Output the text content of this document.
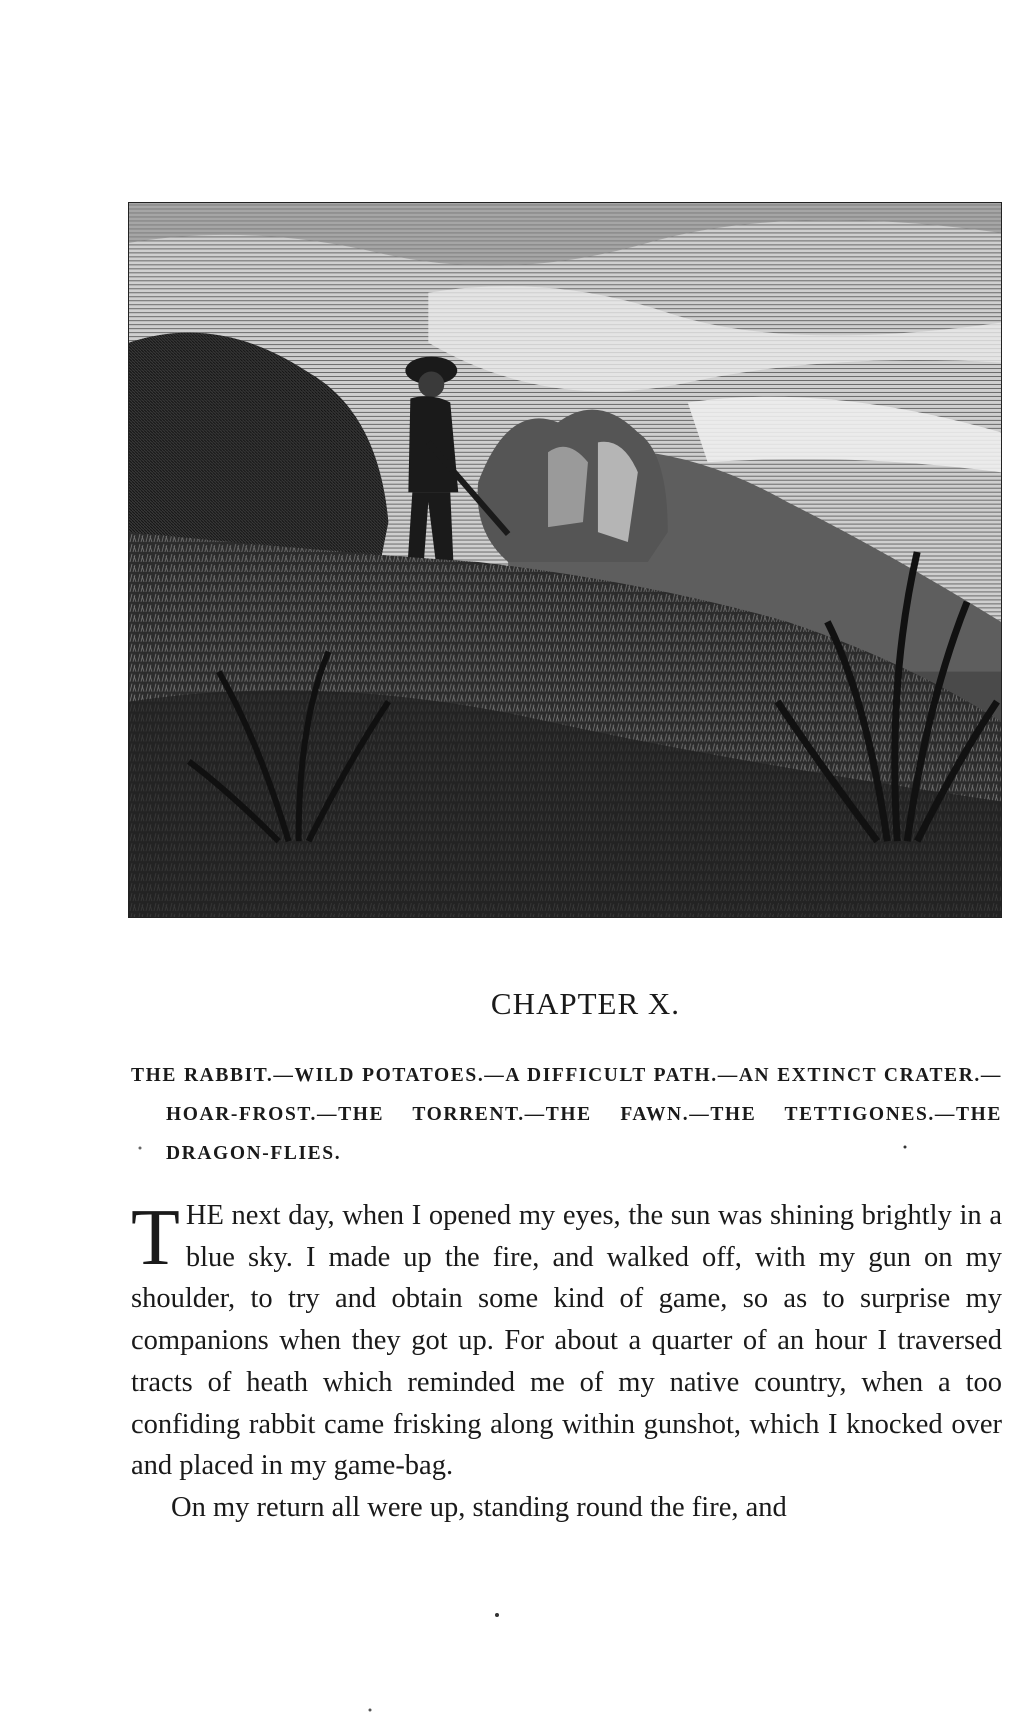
CHAPTER X.

THE RABBIT.—WILD POTATOES.—A DIFFICULT PATH.—AN EXTINCT CRATER.—HOAR-FROST.—THE TORRENT.—THE FAWN.—THE TETTIGONES.—THE DRAGON-FLIES.

THE next day, when I opened my eyes, the sun was shining brightly in a blue sky. I made up the fire, and walked off, with my gun on my shoulder, to try and obtain some kind of game, so as to surprise my companions when they got up. For about a quarter of an hour I traversed tracts of heath which reminded me of my native country, when a too confiding rabbit came frisking along within gunshot, which I knocked over and placed in my game-bag.

On my return all were up, standing round the fire, and
